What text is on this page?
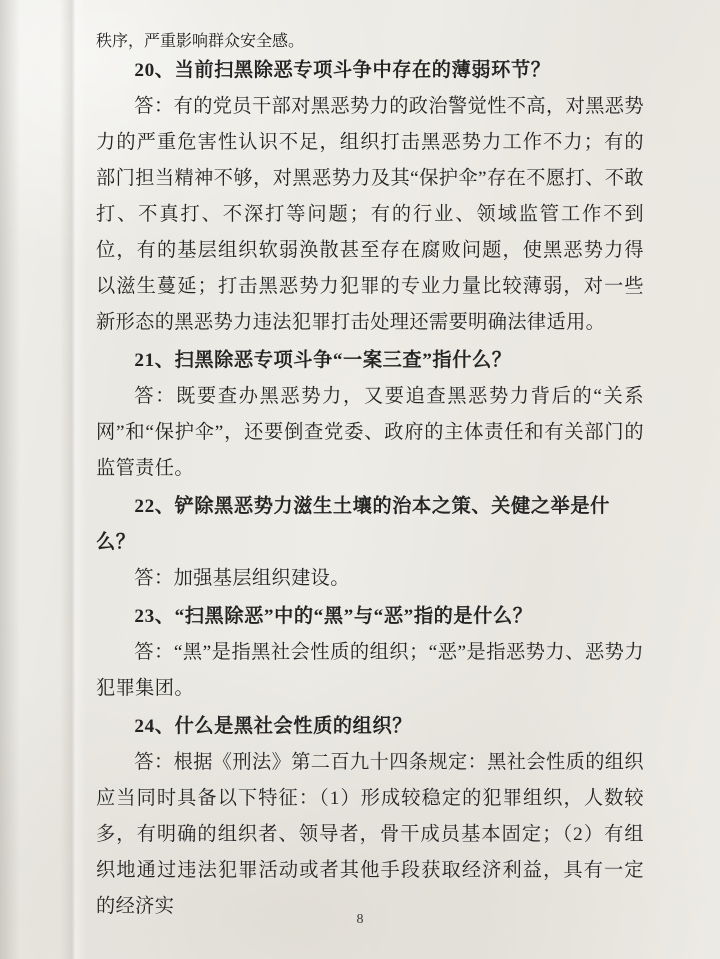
秩序，严重影响群众安全感。

20、当前扫黑除恶专项斗争中存在的薄弱环节？

答：有的党员干部对黑恶势力的政治警觉性不高，对黑恶势力的严重危害性认识不足，组织打击黑恶势力工作不力；有的部门担当精神不够，对黑恶势力及其“保护伞”存在不愿打、不敢打、不真打、不深打等问题；有的行业、领域监管工作不到位，有的基层组织软弱涣散甚至存在腐败问题，使黑恶势力得以滋生蔓延；打击黑恶势力犯罪的专业力量比较薄弱，对一些新形态的黑恶势力违法犯罪打击处理还需要明确法律适用。

21、扫黑除恶专项斗争“一案三查”指什么？

答：既要查办黑恶势力，又要追查黑恶势力背后的“关系网”和“保护伞”，还要倒查党委、政府的主体责任和有关部门的监管责任。

22、铲除黑恶势力滋生土壤的治本之策、关健之举是什么？

答：加强基层组织建设。

23、“扫黑除恶”中的“黑”与“恶”指的是什么？

答：“黑”是指黑社会性质的组织；“恶”是指恶势力、恶势力犯罪集团。

24、什么是黑社会性质的组织？

答：根据《刑法》第二百九十四条规定：黑社会性质的组织应当同时具备以下特征：（1）形成较稳定的犯罪组织，人数较多，有明确的组织者、领导者，骨干成员基本固定；（2）有组织地通过违法犯罪活动或者其他手段获取经济利益，具有一定的经济实

8
